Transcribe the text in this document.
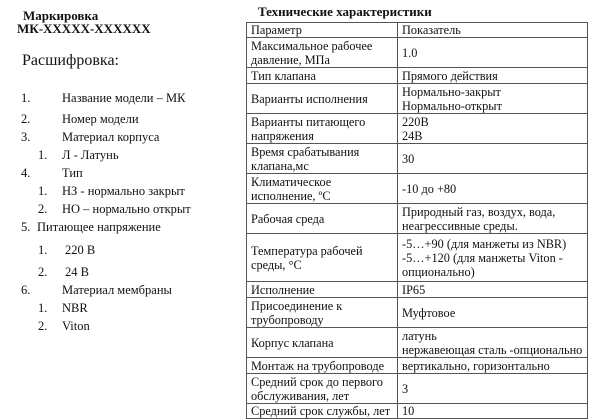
Маркировка
МК-XXXXX-XXXXXX
Расшифровка:
1.	Название модели – МК
2.	Номер модели
3.	Материал корпуса
1. Л - Латунь
4.	Тип
1. НЗ - нормально закрыт
2. НО – нормально открыт
5. Питающее напряжение
1. 220 В
2. 24 В
6.	Материал мембраны
1. NBR
2. Viton
Технические характеристики
Параметр	Показатель

Максимальное рабочее
давление, МПа	1.0

Тип клапана	Прямого действия

Варианты исполнения	Нормально-закрыт
Нормально-открыт

Варианты питающего
напряжения	220В
24В

Время срабатывания
клапана,мс	30

Климатическое
исполнение, ºС	-10 до +80

Рабочая среда	Природный газ, воздух, вода,
неагрессивные среды.

Температура рабочей
среды, °С	-5…+90 (для манжеты из NBR)
-5…+120 (для манжеты Viton -
опционально)

Исполнение	IP65

Присоединение к
трубопроводу	Муфтовое

Корпус клапана	латунь
нержавеющая сталь -опционально

Монтаж на трубопроводе	вертикально, горизонтально

Средний срок до первого
обслуживания, лет	3

Средний срок службы, лет	10
